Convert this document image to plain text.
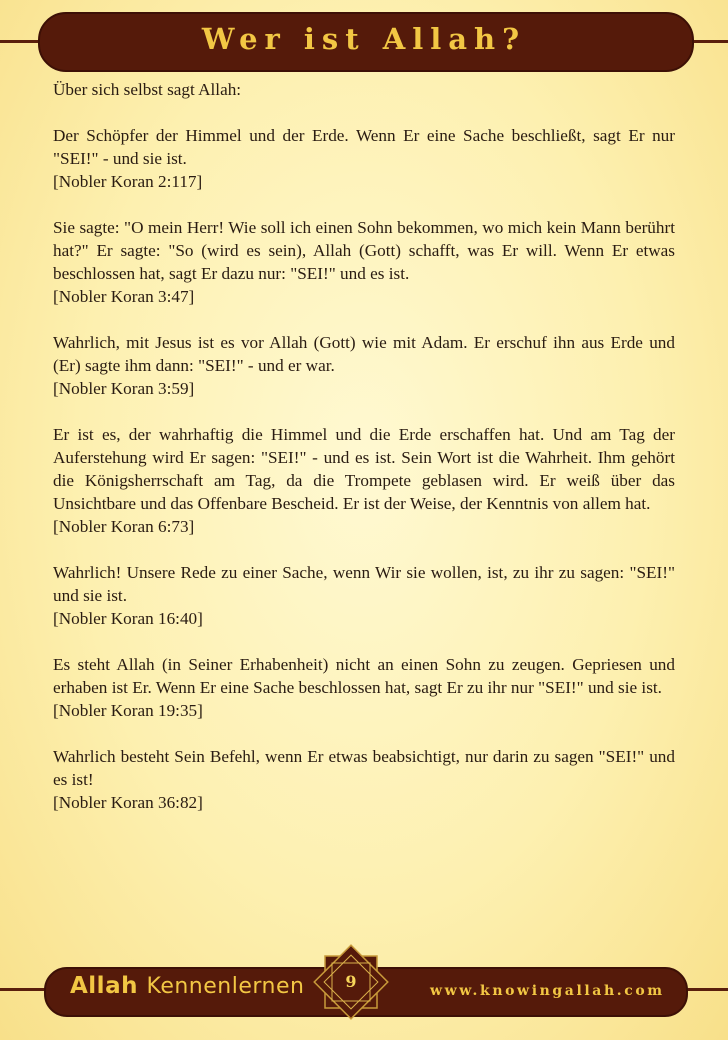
Wer ist Allah?

Über sich selbst sagt Allah:

Der Schöpfer der Himmel und der Erde. Wenn Er eine Sache beschließt, sagt Er nur "SEI!" - und sie ist.
[Nobler Koran 2:117]

Sie sagte: "O mein Herr! Wie soll ich einen Sohn bekommen, wo mich kein Mann berührt hat?" Er sagte: "So (wird es sein), Allah (Gott) schafft, was Er will. Wenn Er etwas beschlossen hat, sagt Er dazu nur: "SEI!" und es ist.
[Nobler Koran 3:47]

Wahrlich, mit Jesus ist es vor Allah (Gott) wie mit Adam. Er erschuf ihn aus Erde und (Er) sagte ihm dann: "SEI!" - und er war.
[Nobler Koran 3:59]

Er ist es, der wahrhaftig die Himmel und die Erde erschaffen hat. Und am Tag der Auferstehung wird Er sagen: "SEI!" - und es ist. Sein Wort ist die Wahrheit. Ihm gehört die Königsherrschaft am Tag, da die Trompete geblasen wird. Er weiß über das Unsichtbare und das Offenbare Bescheid. Er ist der Weise, der Kenntnis von allem hat.
[Nobler Koran 6:73]

Wahrlich! Unsere Rede zu einer Sache, wenn Wir sie wollen, ist, zu ihr zu sagen: "SEI!" und sie ist.
[Nobler Koran 16:40]

Es steht Allah (in Seiner Erhabenheit) nicht an einen Sohn zu zeugen. Gepriesen und erhaben ist Er. Wenn Er eine Sache beschlossen hat, sagt Er zu ihr nur "SEI!" und sie ist.
[Nobler Koran 19:35]

Wahrlich besteht Sein Befehl, wenn Er etwas beabsichtigt, nur darin zu sagen "SEI!" und es ist!
[Nobler Koran 36:82]

Allah Kennenlernen	9	www.knowingallah.com
